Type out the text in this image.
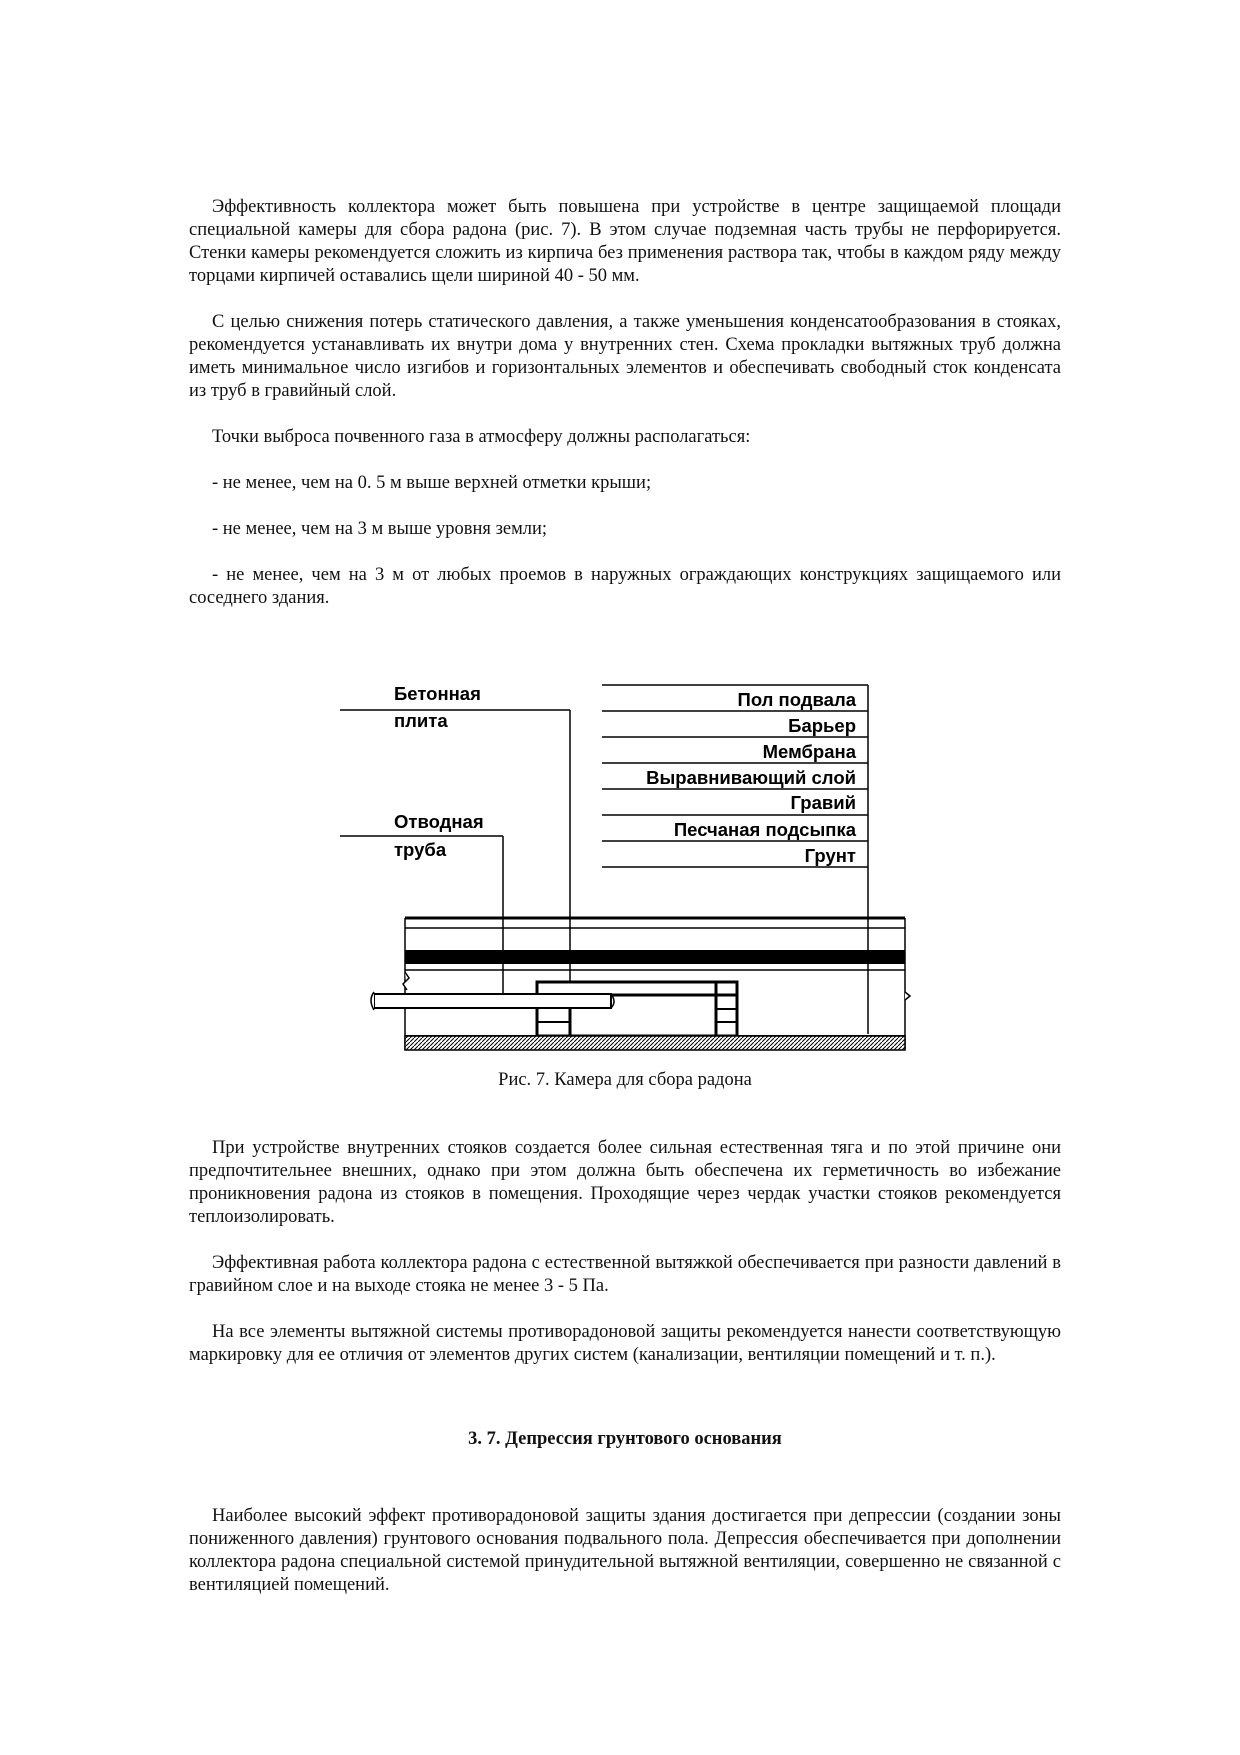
Эффективность коллектора может быть повышена при устройстве в центре защищаемой площади специальной камеры для сбора радона (рис. 7). В этом случае подземная часть трубы не перфорируется. Стенки камеры рекомендуется сложить из кирпича без применения раствора так, чтобы в каждом ряду между торцами кирпичей оставались щели шириной 40 - 50 мм.

С целью снижения потерь статического давления, а также уменьшения конденсатообразования в стояках, рекомендуется устанавливать их внутри дома у внутренних стен. Схема прокладки вытяжных труб должна иметь минимальное число изгибов и горизонтальных элементов и обеспечивать свободный сток конденсата из труб в гравийный слой.

Точки выброса почвенного газа в атмосферу должны располагаться:

- не менее, чем на 0. 5 м выше верхней отметки крыши;

- не менее, чем на 3 м выше уровня земли;

- не менее, чем на 3 м от любых проемов в наружных ограждающих конструкциях защищаемого или соседнего здания.

Бетонная
плита
Отводная
труба
Пол подвала
Барьер
Мембрана
Выравнивающий слой
Гравий
Песчаная подсыпка
Грунт

Рис. 7. Камера для сбора радона

При устройстве внутренних стояков создается более сильная естественная тяга и по этой причине они предпочтительнее внешних, однако при этом должна быть обеспечена их герметичность во избежание проникновения радона из стояков в помещения. Проходящие через чердак участки стояков рекомендуется теплоизолировать.

Эффективная работа коллектора радона с естественной вытяжкой обеспечивается при разности давлений в гравийном слое и на выходе стояка не менее 3 - 5 Па.

На все элементы вытяжной системы противорадоновой защиты рекомендуется нанести соответствующую маркировку для ее отличия от элементов других систем (канализации, вентиляции помещений и т. п.).

3. 7. Депрессия грунтового основания

Наиболее высокий эффект противорадоновой защиты здания достигается при депрессии (создании зоны пониженного давления) грунтового основания подвального пола. Депрессия обеспечивается при дополнении коллектора радона специальной системой принудительной вытяжной вентиляции, совершенно не связанной с вентиляцией помещений.
